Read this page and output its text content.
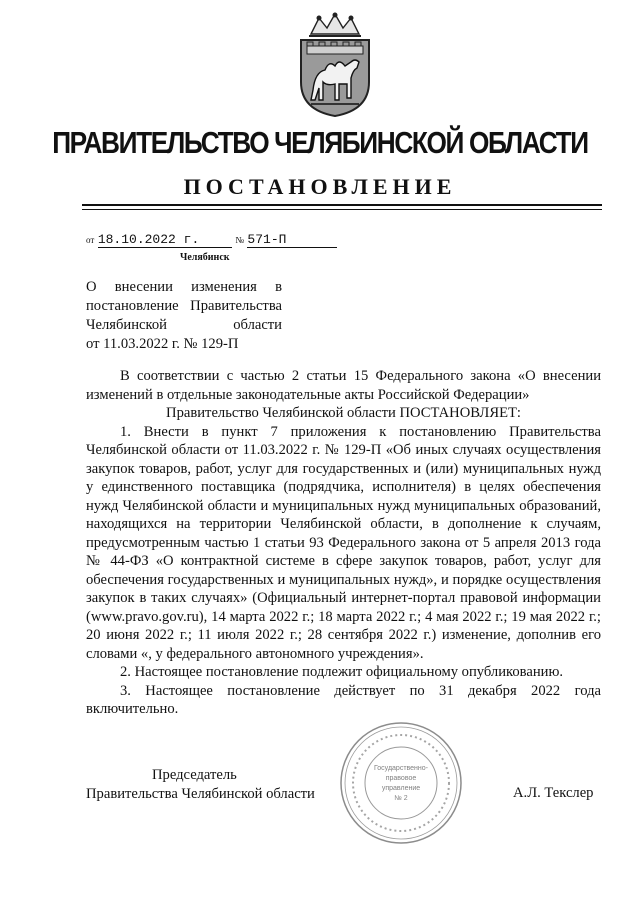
ПРАВИТЕЛЬСТВО ЧЕЛЯБИНСКОЙ ОБЛАСТИ
ПОСТАНОВЛЕНИЕ
от 18.10.2022 г.	№ 571-П
Челябинск
О внесении изменения в
постановление Правительства
Челябинской области
от 11.03.2022 г. № 129-П

В соответствии с частью 2 статьи 15 Федерального закона «О внесении изменений в отдельные законодательные акты Российской Федерации»

Правительство Челябинской области ПОСТАНОВЛЯЕТ:

1. Внести в пункт 7 приложения к постановлению Правительства Челябинской области от 11.03.2022 г. № 129-П «Об иных случаях осуществления закупок товаров, работ, услуг для государственных и (или) муниципальных нужд у единственного поставщика (подрядчика, исполнителя) в целях обеспечения нужд Челябинской области и муниципальных нужд муниципальных образований, находящихся на территории Челябинской области, в дополнение к случаям, предусмотренным частью 1 статьи 93 Федерального закона от 5 апреля 2013 года № 44-ФЗ «О контрактной системе в сфере закупок товаров, работ, услуг для обеспечения государственных и муниципальных нужд», и порядке осуществления закупок в таких случаях» (Официальный интернет-портал правовой информации (www.pravo.gov.ru), 14 марта 2022 г.; 18 марта 2022 г.; 4 мая 2022 г.; 19 мая 2022 г.; 20 июня 2022 г.; 11 июля 2022 г.; 28 сентября 2022 г.) изменение, дополнив его словами «, у федерального автономного учреждения».

2. Настоящее постановление подлежит официальному опубликованию.

3. Настоящее постановление действует по 31 декабря 2022 года включительно.

Государственно-
правовое
управление
№ 2
Председатель
Правительства Челябинской области	А.Л. Текслер
